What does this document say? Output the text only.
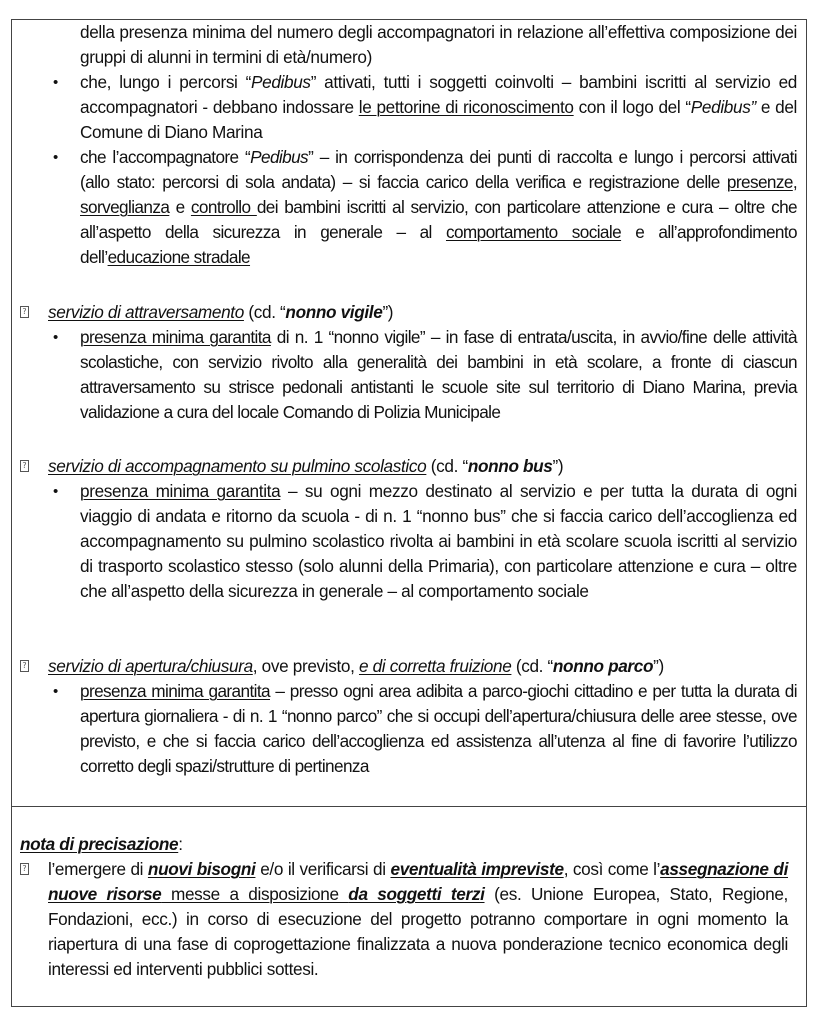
della presenza minima del numero degli accompagnatori in relazione all’effettiva composizione dei gruppi di alunni in termini di età/numero)
• che, lungo i percorsi “Pedibus” attivati, tutti i soggetti coinvolti – bambini iscritti al servizio ed accompagnatori - debbano indossare le pettorine di riconoscimento con il logo del “Pedibus” e del Comune di Diano Marina
• che l’accompagnatore “Pedibus” – in corrispondenza dei punti di raccolta e lungo i percorsi attivati (allo stato: percorsi di sola andata) – si faccia carico della verifica e registrazione delle presenze, sorveglianza e controllo dei bambini iscritti al servizio, con particolare attenzione e cura – oltre che all’aspetto della sicurezza in generale – al comportamento sociale e all’approfondimento dell’educazione stradale
? servizio di attraversamento (cd. “nonno vigile”)
• presenza minima garantita di n. 1 “nonno vigile” – in fase di entrata/uscita, in avvio/fine delle attività scolastiche, con servizio rivolto alla generalità dei bambini in età scolare, a fronte di ciascun attraversamento su strisce pedonali antistanti le scuole site sul territorio di Diano Marina, previa validazione a cura del locale Comando di Polizia Municipale
? servizio di accompagnamento su pulmino scolastico (cd. “nonno bus”)
• presenza minima garantita – su ogni mezzo destinato al servizio e per tutta la durata di ogni viaggio di andata e ritorno da scuola - di n. 1 “nonno bus” che si faccia carico dell’accoglienza ed accompagnamento su pulmino scolastico rivolta ai bambini in età scolare scuola iscritti al servizio di trasporto scolastico stesso (solo alunni della Primaria), con particolare attenzione e cura – oltre che all’aspetto della sicurezza in generale – al comportamento sociale
? servizio di apertura/chiusura, ove previsto, e di corretta fruizione (cd. “nonno parco”)
• presenza minima garantita – presso ogni area adibita a parco-giochi cittadino e per tutta la durata di apertura giornaliera - di n. 1 “nonno parco” che si occupi dell’apertura/chiusura delle aree stesse, ove previsto, e che si faccia carico dell’accoglienza ed assistenza all’utenza al fine di favorire l’utilizzo corretto degli spazi/strutture di pertinenza
nota di precisazione:
? l’emergere di nuovi bisogni e/o il verificarsi di eventualità impreviste, così come l’assegnazione di nuove risorse messe a disposizione da soggetti terzi (es. Unione Europea, Stato, Regione, Fondazioni, ecc.) in corso di esecuzione del progetto potranno comportare in ogni momento la riapertura di una fase di coprogettazione finalizzata a nuova ponderazione tecnico economica degli interessi ed interventi pubblici sottesi.
